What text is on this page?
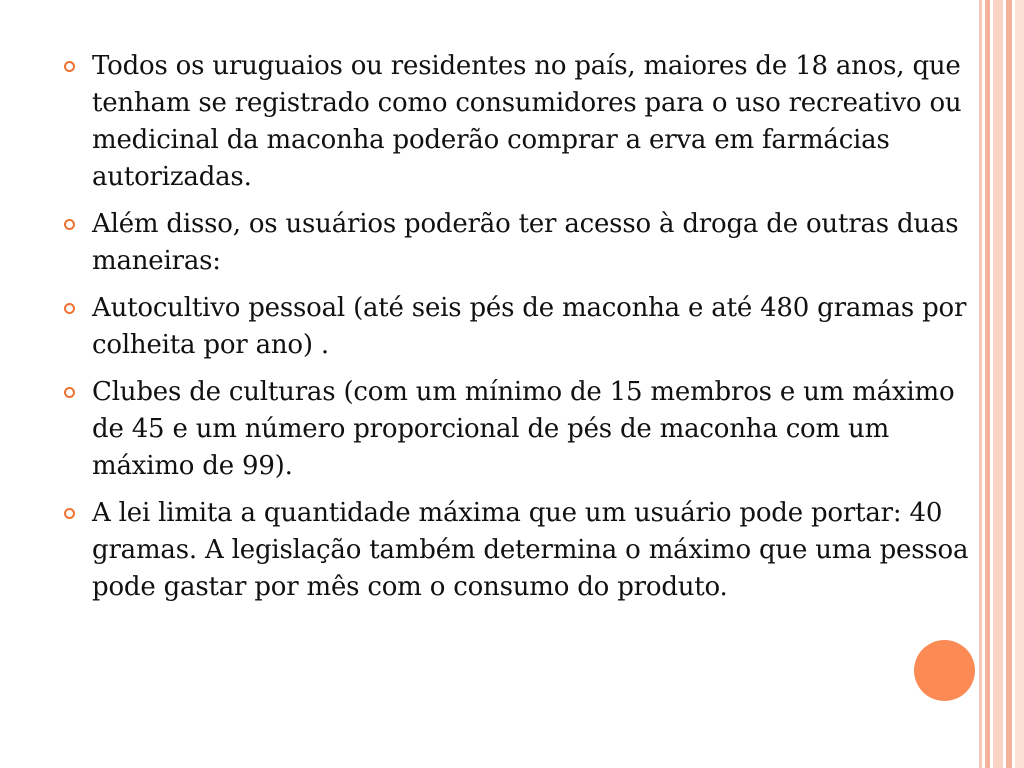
Todos os uruguaios ou residentes no país, maiores de 18 anos, que tenham se registrado como consumidores para o uso recreativo ou medicinal da maconha poderão comprar a erva em farmácias autorizadas.
Além disso, os usuários poderão ter acesso à droga de outras duas maneiras:
Autocultivo pessoal (até seis pés de maconha e até 480 gramas por colheita por ano) .
Clubes de culturas (com um mínimo de 15 membros e um máximo de 45 e um número proporcional de pés de maconha com um máximo de 99).
A lei limita a quantidade máxima que um usuário pode portar: 40 gramas. A legislação também determina o máximo que uma pessoa pode gastar por mês com o consumo do produto.
